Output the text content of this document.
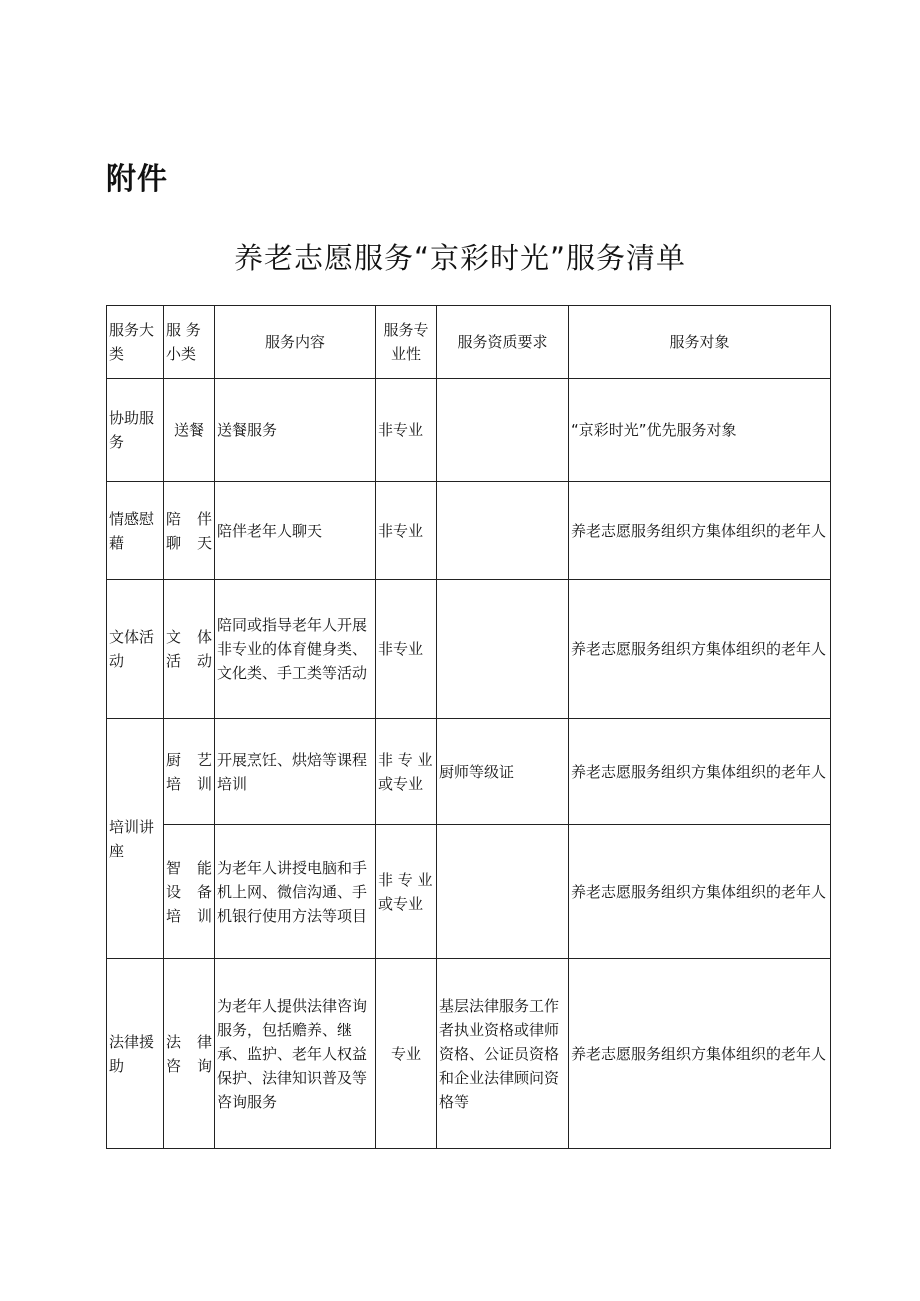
附件
养老志愿服务“京彩时光”服务清单
服务大类	服 务小类	服务内容	服务专业性	服务资质要求	服务对象
协助服务	送餐	送餐服务	非专业		“京彩时光”优先服务对象
情感慰藉	陪 伴聊天	陪伴老年人聊天	非专业		养老志愿服务组织方集体组织的老年人
文体活动	文 体活动	陪同或指导老年人开展非专业的体育健身类、文化类、手工类等活动	非专业		养老志愿服务组织方集体组织的老年人
培训讲座	厨 艺培训	开展烹饪、烘焙等课程培训	非 专 业或专业	厨师等级证	养老志愿服务组织方集体组织的老年人
	智 能设 备培训	为老年人讲授电脑和手机上网、微信沟通、手机银行使用方法等项目	非 专 业或专业		养老志愿服务组织方集体组织的老年人
法律援助	法 律咨询	为老年人提供法律咨询服务，包括赡养、继承、监护、老年人权益保护、法律知识普及等咨询服务	专业	基层法律服务工作者执业资格或律师资格、公证员资格和企业法律顾问资格等	养老志愿服务组织方集体组织的老年人
